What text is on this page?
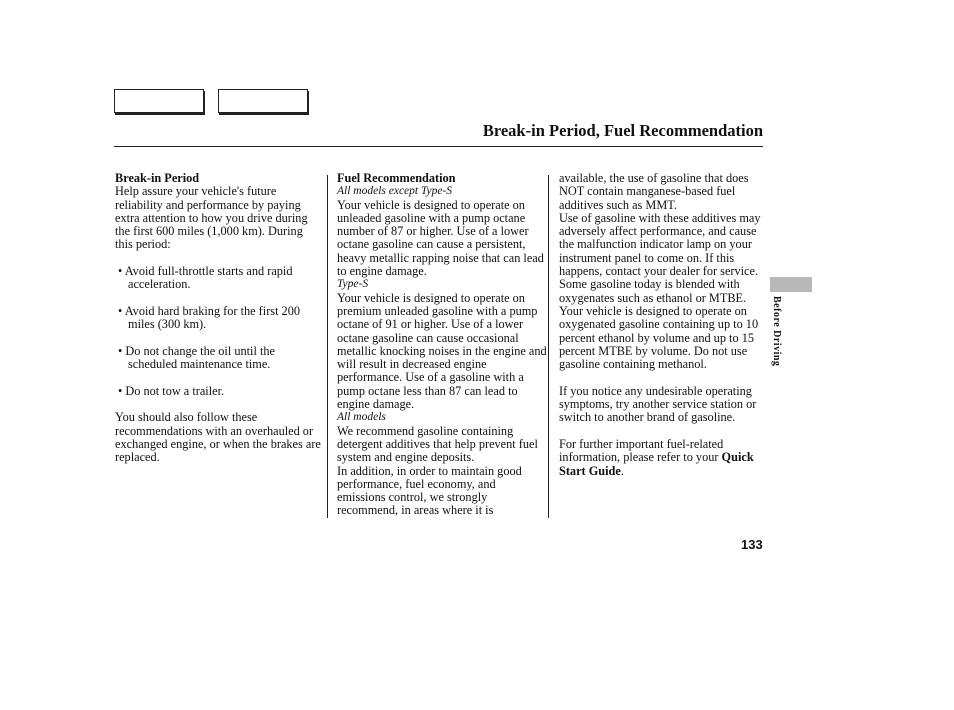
Break-in Period, Fuel Recommendation

Break-in Period

Help assure your vehicle's future reliability and performance by paying extra attention to how you drive during the first 600 miles (1,000 km). During this period:

• Avoid full-throttle starts and rapid acceleration.

• Avoid hard braking for the first 200 miles (300 km).

• Do not change the oil until the scheduled maintenance time.

• Do not tow a trailer.

You should also follow these recommendations with an overhauled or exchanged engine, or when the brakes are replaced.

Fuel Recommendation

All models except Type-S

Your vehicle is designed to operate on unleaded gasoline with a pump octane number of 87 or higher. Use of a lower octane gasoline can cause a persistent, heavy metallic rapping noise that can lead to engine damage.

Type-S

Your vehicle is designed to operate on premium unleaded gasoline with a pump octane of 91 or higher. Use of a lower octane gasoline can cause occasional metallic knocking noises in the engine and will result in decreased engine performance. Use of a gasoline with a pump octane less than 87 can lead to engine damage.

All models

We recommend gasoline containing detergent additives that help prevent fuel system and engine deposits.

In addition, in order to maintain good performance, fuel economy, and emissions control, we strongly recommend, in areas where it is

available, the use of gasoline that does NOT contain manganese-based fuel additives such as MMT.

Use of gasoline with these additives may adversely affect performance, and cause the malfunction indicator lamp on your instrument panel to come on. If this happens, contact your dealer for service.

Some gasoline today is blended with oxygenates such as ethanol or MTBE. Your vehicle is designed to operate on oxygenated gasoline containing up to 10 percent ethanol by volume and up to 15 percent MTBE by volume. Do not use gasoline containing methanol.

If you notice any undesirable operating symptoms, try another service station or switch to another brand of gasoline.

For further important fuel-related information, please refer to your Quick Start Guide.

Before Driving
133
